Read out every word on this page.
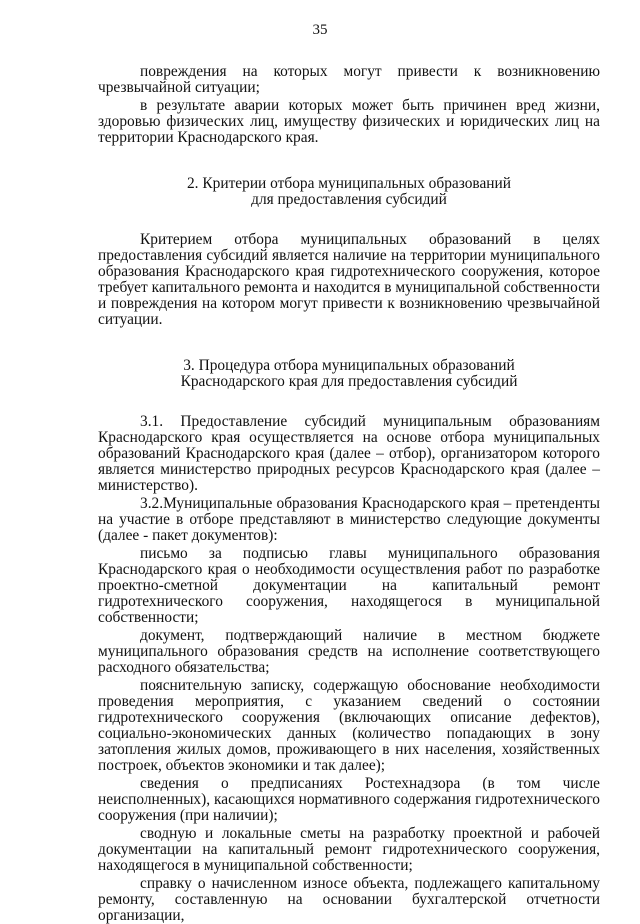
35

повреждения на которых могут привести к возникновению чрезвычайной ситуации;

в результате аварии которых может быть причинен вред жизни, здоровью физических лиц, имуществу физических и юридических лиц на территории Краснодарского края.

2. Критерии отбора муниципальных образований

для предоставления субсидий

Критерием отбора муниципальных образований в целях предоставления субсидий является наличие на территории муниципального образования Краснодарского края гидротехнического сооружения, которое требует капитального ремонта и находится в муниципальной собственности и повреждения на котором могут привести к возникновению чрезвычайной ситуации.

3. Процедура отбора муниципальных образований

Краснодарского края для предоставления субсидий

3.1. Предоставление субсидий муниципальным образованиям Краснодарского края осуществляется на основе отбора муниципальных образований Краснодарского края (далее – отбор), организатором которого является министерство природных ресурсов Краснодарского края (далее – министерство).

3.2.Муниципальные образования Краснодарского края – претенденты на участие в отборе представляют в министерство следующие документы (далее - пакет документов):

письмо за подписью главы муниципального образования Краснодарского края о необходимости осуществления работ по разработке проектно-сметной документации на капитальный ремонт гидротехнического сооружения, находящегося в муниципальной собственности;

документ, подтверждающий наличие в местном бюджете муниципального образования средств на исполнение соответствующего расходного обязательства;

пояснительную записку, содержащую обоснование необходимости проведения мероприятия, с указанием сведений о состоянии гидротехнического сооружения (включающих описание дефектов), социально-экономических данных (количество попадающих в зону затопления жилых домов, проживающего в них населения, хозяйственных построек, объектов экономики и так далее);

сведения о предписаниях Ростехнадзора (в том числе неисполненных), касающихся нормативного содержания гидротехнического сооружения (при наличии);

сводную и локальные сметы на разработку проектной и рабочей документации на капитальный ремонт гидротехнического сооружения, находящегося в муниципальной собственности;

справку о начисленном износе объекта, подлежащего капитальному ремонту, составленную на основании бухгалтерской отчетности организации,
